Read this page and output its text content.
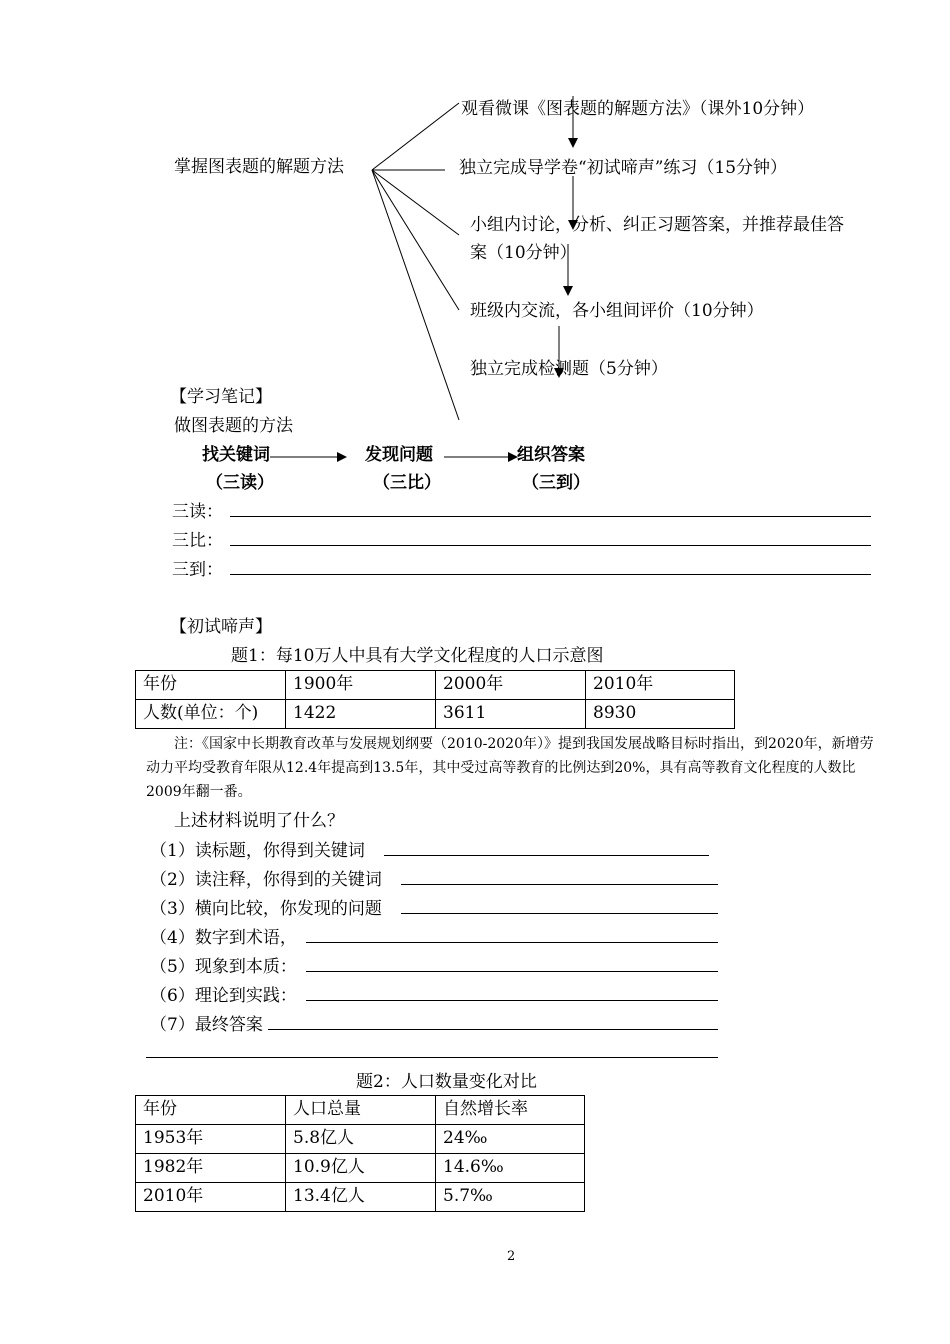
掌握图表题的解题方法
观看微课《图表题的解题方法》（课外10分钟）
独立完成导学卷“初试啼声”练习（15分钟）
小组内讨论，分析、纠正习题答案，并推荐最佳答
案（10分钟）
班级内交流，各小组间评价（10分钟）
独立完成检测题（5分钟）
【学习笔记】
做图表题的方法
找关键词	发现问题	组织答案
（三读）	（三比）	（三到）
三读：
三比：
三到：
【初试啼声】
题1：每10万人中具有大学文化程度的人口示意图
年份	1900年	2000年	2010年
人数(单位：个)	1422	3611	8930
注：《国家中长期教育改革与发展规划纲要（2010-2020年）》提到我国发展战略目标时指出，到2020年，新增劳动力平均受教育年限从12.4年提高到13.5年，其中受过高等教育的比例达到20%，具有高等教育文化程度的人数比2009年翻一番。
上述材料说明了什么？
（1）读标题，你得到关键词
（2）读注释，你得到的关键词
（3）横向比较，你发现的问题
（4）数字到术语，
（5）现象到本质：
（6）理论到实践：
（7）最终答案
题2：人口数量变化对比
年份	人口总量	自然增长率
1953年	5.8亿人	24‰
1982年	10.9亿人	14.6‰
2010年	13.4亿人	5.7‰
2
